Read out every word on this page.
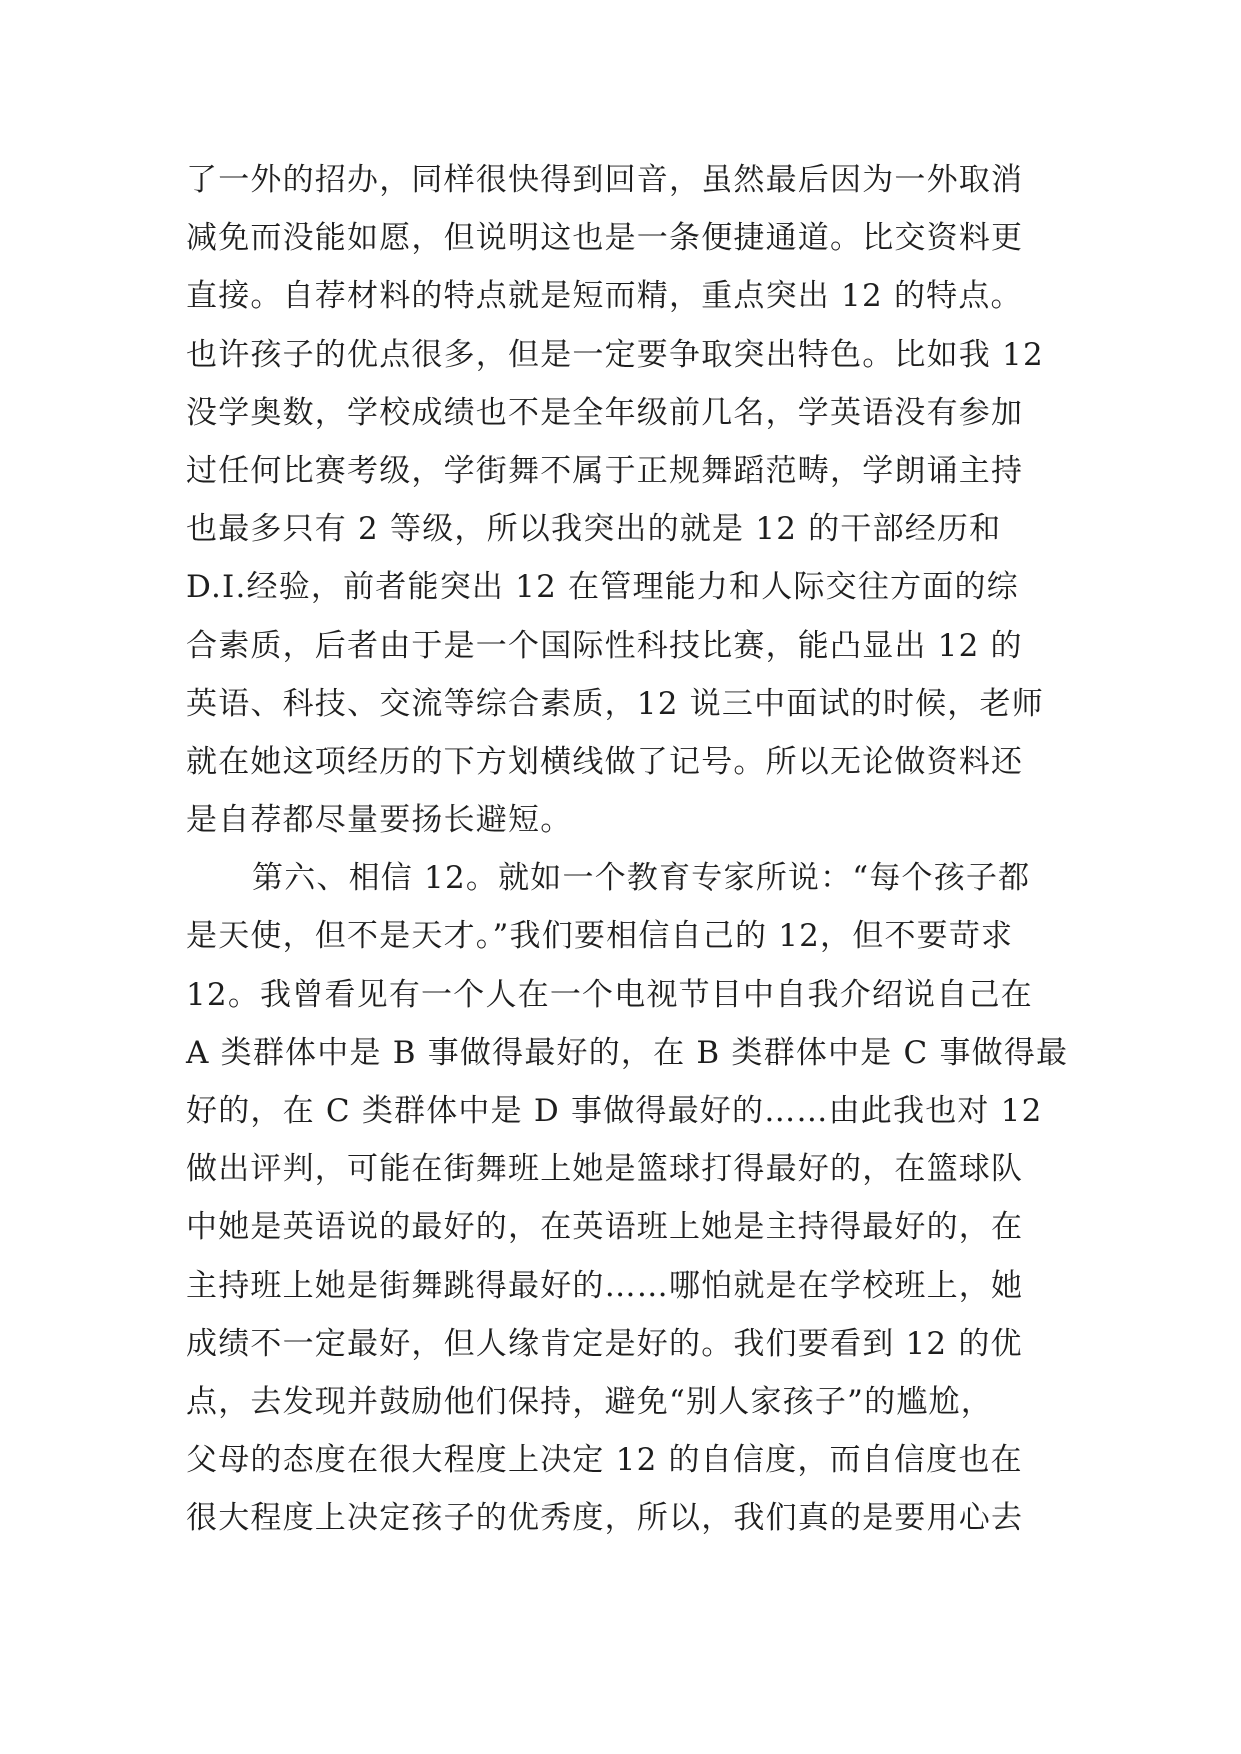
了一外的招办，同样很快得到回音，虽然最后因为一外取消
减免而没能如愿，但说明这也是一条便捷通道。比交资料更
直接。自荐材料的特点就是短而精，重点突出 12 的特点。
也许孩子的优点很多，但是一定要争取突出特色。比如我 12
没学奥数，学校成绩也不是全年级前几名，学英语没有参加
过任何比赛考级，学街舞不属于正规舞蹈范畴，学朗诵主持
也最多只有 2 等级，所以我突出的就是 12 的干部经历和
D.I.经验，前者能突出 12 在管理能力和人际交往方面的综
合素质，后者由于是一个国际性科技比赛，能凸显出 12 的
英语、科技、交流等综合素质，12 说三中面试的时候，老师
就在她这项经历的下方划横线做了记号。所以无论做资料还
是自荐都尽量要扬长避短。

第六、相信 12。就如一个教育专家所说：“每个孩子都
是天使，但不是天才。”我们要相信自己的 12，但不要苛求
12。我曾看见有一个人在一个电视节目中自我介绍说自己在
A 类群体中是 B 事做得最好的，在 B 类群体中是 C 事做得最
好的，在 C 类群体中是 D 事做得最好的……由此我也对 12
做出评判，可能在街舞班上她是篮球打得最好的，在篮球队
中她是英语说的最好的，在英语班上她是主持得最好的，在
主持班上她是街舞跳得最好的……哪怕就是在学校班上，她
成绩不一定最好，但人缘肯定是好的。我们要看到 12 的优
点，去发现并鼓励他们保持，避免“别人家孩子”的尴尬，
父母的态度在很大程度上决定 12 的自信度，而自信度也在
很大程度上决定孩子的优秀度，所以，我们真的是要用心去
